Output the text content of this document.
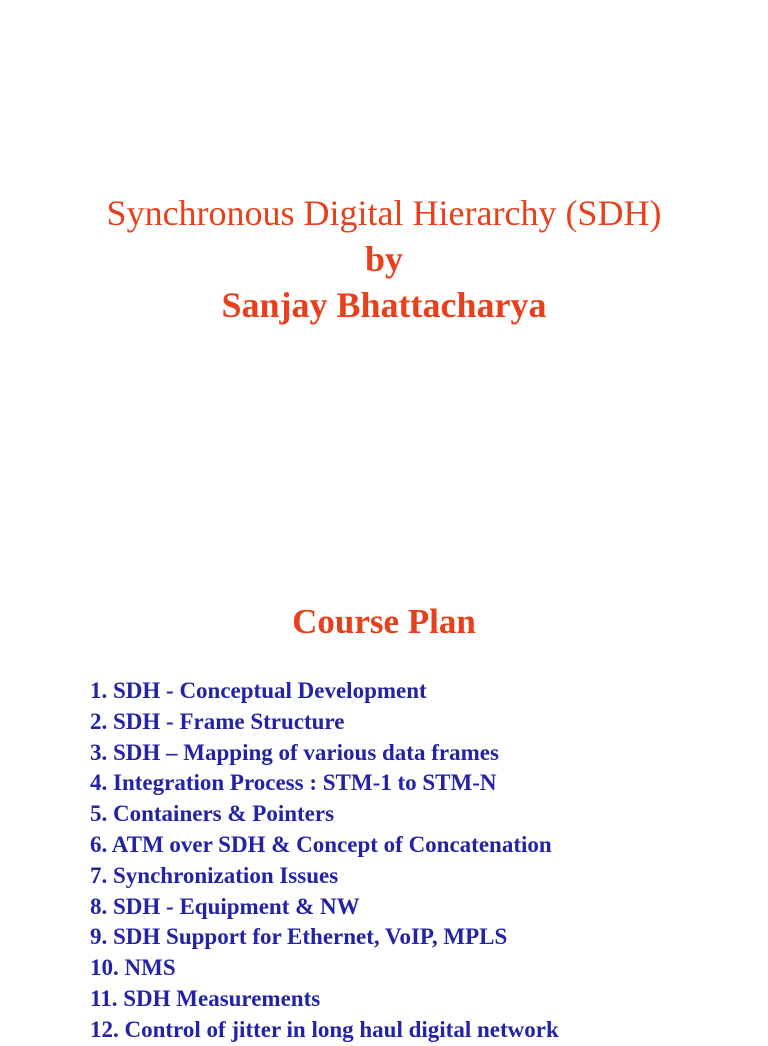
Synchronous Digital Hierarchy (SDH)
by
Sanjay Bhattacharya
Course Plan
1. SDH - Conceptual Development
2. SDH - Frame Structure
3. SDH – Mapping of various data frames
4. Integration Process : STM-1 to STM-N
5. Containers & Pointers
6. ATM over SDH & Concept of Concatenation
7. Synchronization Issues
8. SDH - Equipment & NW
9. SDH Support for Ethernet, VoIP, MPLS
10. NMS
11. SDH Measurements
12. Control of jitter in long haul digital network
